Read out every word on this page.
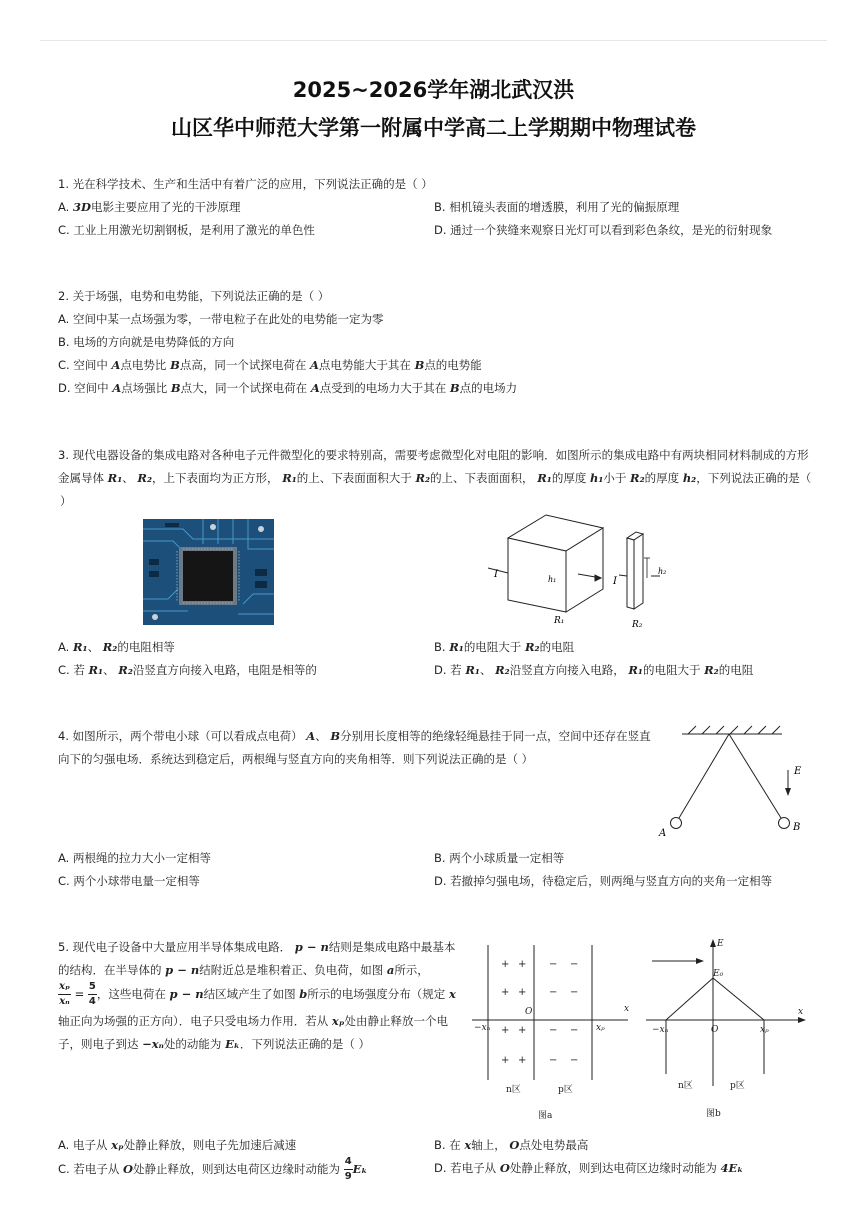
2025~2026学年湖北武汉洪
山区华中师范大学第一附属中学高二上学期期中物理试卷
1. 光在科学技术、生产和生活中有着广泛的应用，下列说法正确的是（ ）
A. 3D电影主要应用了光的干涉原理	B. 相机镜头表面的增透膜，利用了光的偏振原理
C. 工业上用激光切割钢板，是利用了激光的单色性	D. 通过一个狭缝来观察日光灯可以看到彩色条纹，是光的衍射现象
2. 关于场强，电势和电势能，下列说法正确的是（ ）
A. 空间中某一点场强为零，一带电粒子在此处的电势能一定为零
B. 电场的方向就是电势降低的方向
C. 空间中 A点电势比 B点高，同一个试探电荷在 A点电势能大于其在 B点的电势能
D. 空间中 A点场强比 B点大，同一个试探电荷在 A点受到的电场力大于其在 B点的电场力
3. 现代电器设备的集成电路对各种电子元件微型化的要求特别高，需要考虑微型化对电阻的影响．如图所示的集成电路中有两块相同材料制成的方形
金属导体 R₁、 R₂，上下表面均为正方形， R₁的上、下表面面积大于 R₂的上、下表面面积， R₁的厚度 h₁小于 R₂的厚度 h₂，下列说法正确的是（
）
I	h₁	I
h₂
R₁	R₂
A. R₁、 R₂的电阻相等	B. R₁的电阻大于 R₂的电阻
C. 若 R₁、 R₂沿竖直方向接入电路，电阻是相等的	D. 若 R₁、 R₂沿竖直方向接入电路， R₁的电阻大于 R₂的电阻
4. 如图所示，两个带电小球（可以看成点电荷） A、 B分别用长度相等的绝缘轻绳悬挂于同一点，空间中还存在竖直
向下的匀强电场．系统达到稳定后，两根绳与竖直方向的夹角相等．则下列说法正确的是（ ）
E
A
B
A. 两根绳的拉力大小一定相等	B. 两个小球质量一定相等
C. 两个小球带电量一定相等	D. 若撤掉匀强电场，待稳定后，则两绳与竖直方向的夹角一定相等
5. 现代电子设备中大量应用半导体集成电路． p − n结则是集成电路中最基本
的结构．在半导体的 p − n结附近总是堆积着正、负电荷，如图 a所示，
$\frac{\text{xₚ}}{\text{xₙ}} = \frac{5}{4}$ ，这些电荷在 p − n结区域产生了如图 b所示的电场强度分布（规定 x
轴正向为场强的正方向）．电子只受电场力作用．若从 xₚ处由静止释放一个电
子，则电子到达 −xₙ处的动能为 Eₖ．下列说法正确的是（ ）
+ +
+ +
+ +
+ +
− −
− −
− −
− −
O	x
−xₙ	xₚ
n区	p区
图a
E
E₀
O
x
−xₙ	xₚ
n区	p区
图b
A. 电子从 xₚ处静止释放，则电子先加速后减速	B. 在 x轴上， O点处电势最高
C. 若电子从 O处静止释放，则到达电荷区边缘时动能为 $\frac{4}{9}$ Eₖ	D. 若电子从 O处静止释放，则到达电荷区边缘时动能为 4Eₖ
